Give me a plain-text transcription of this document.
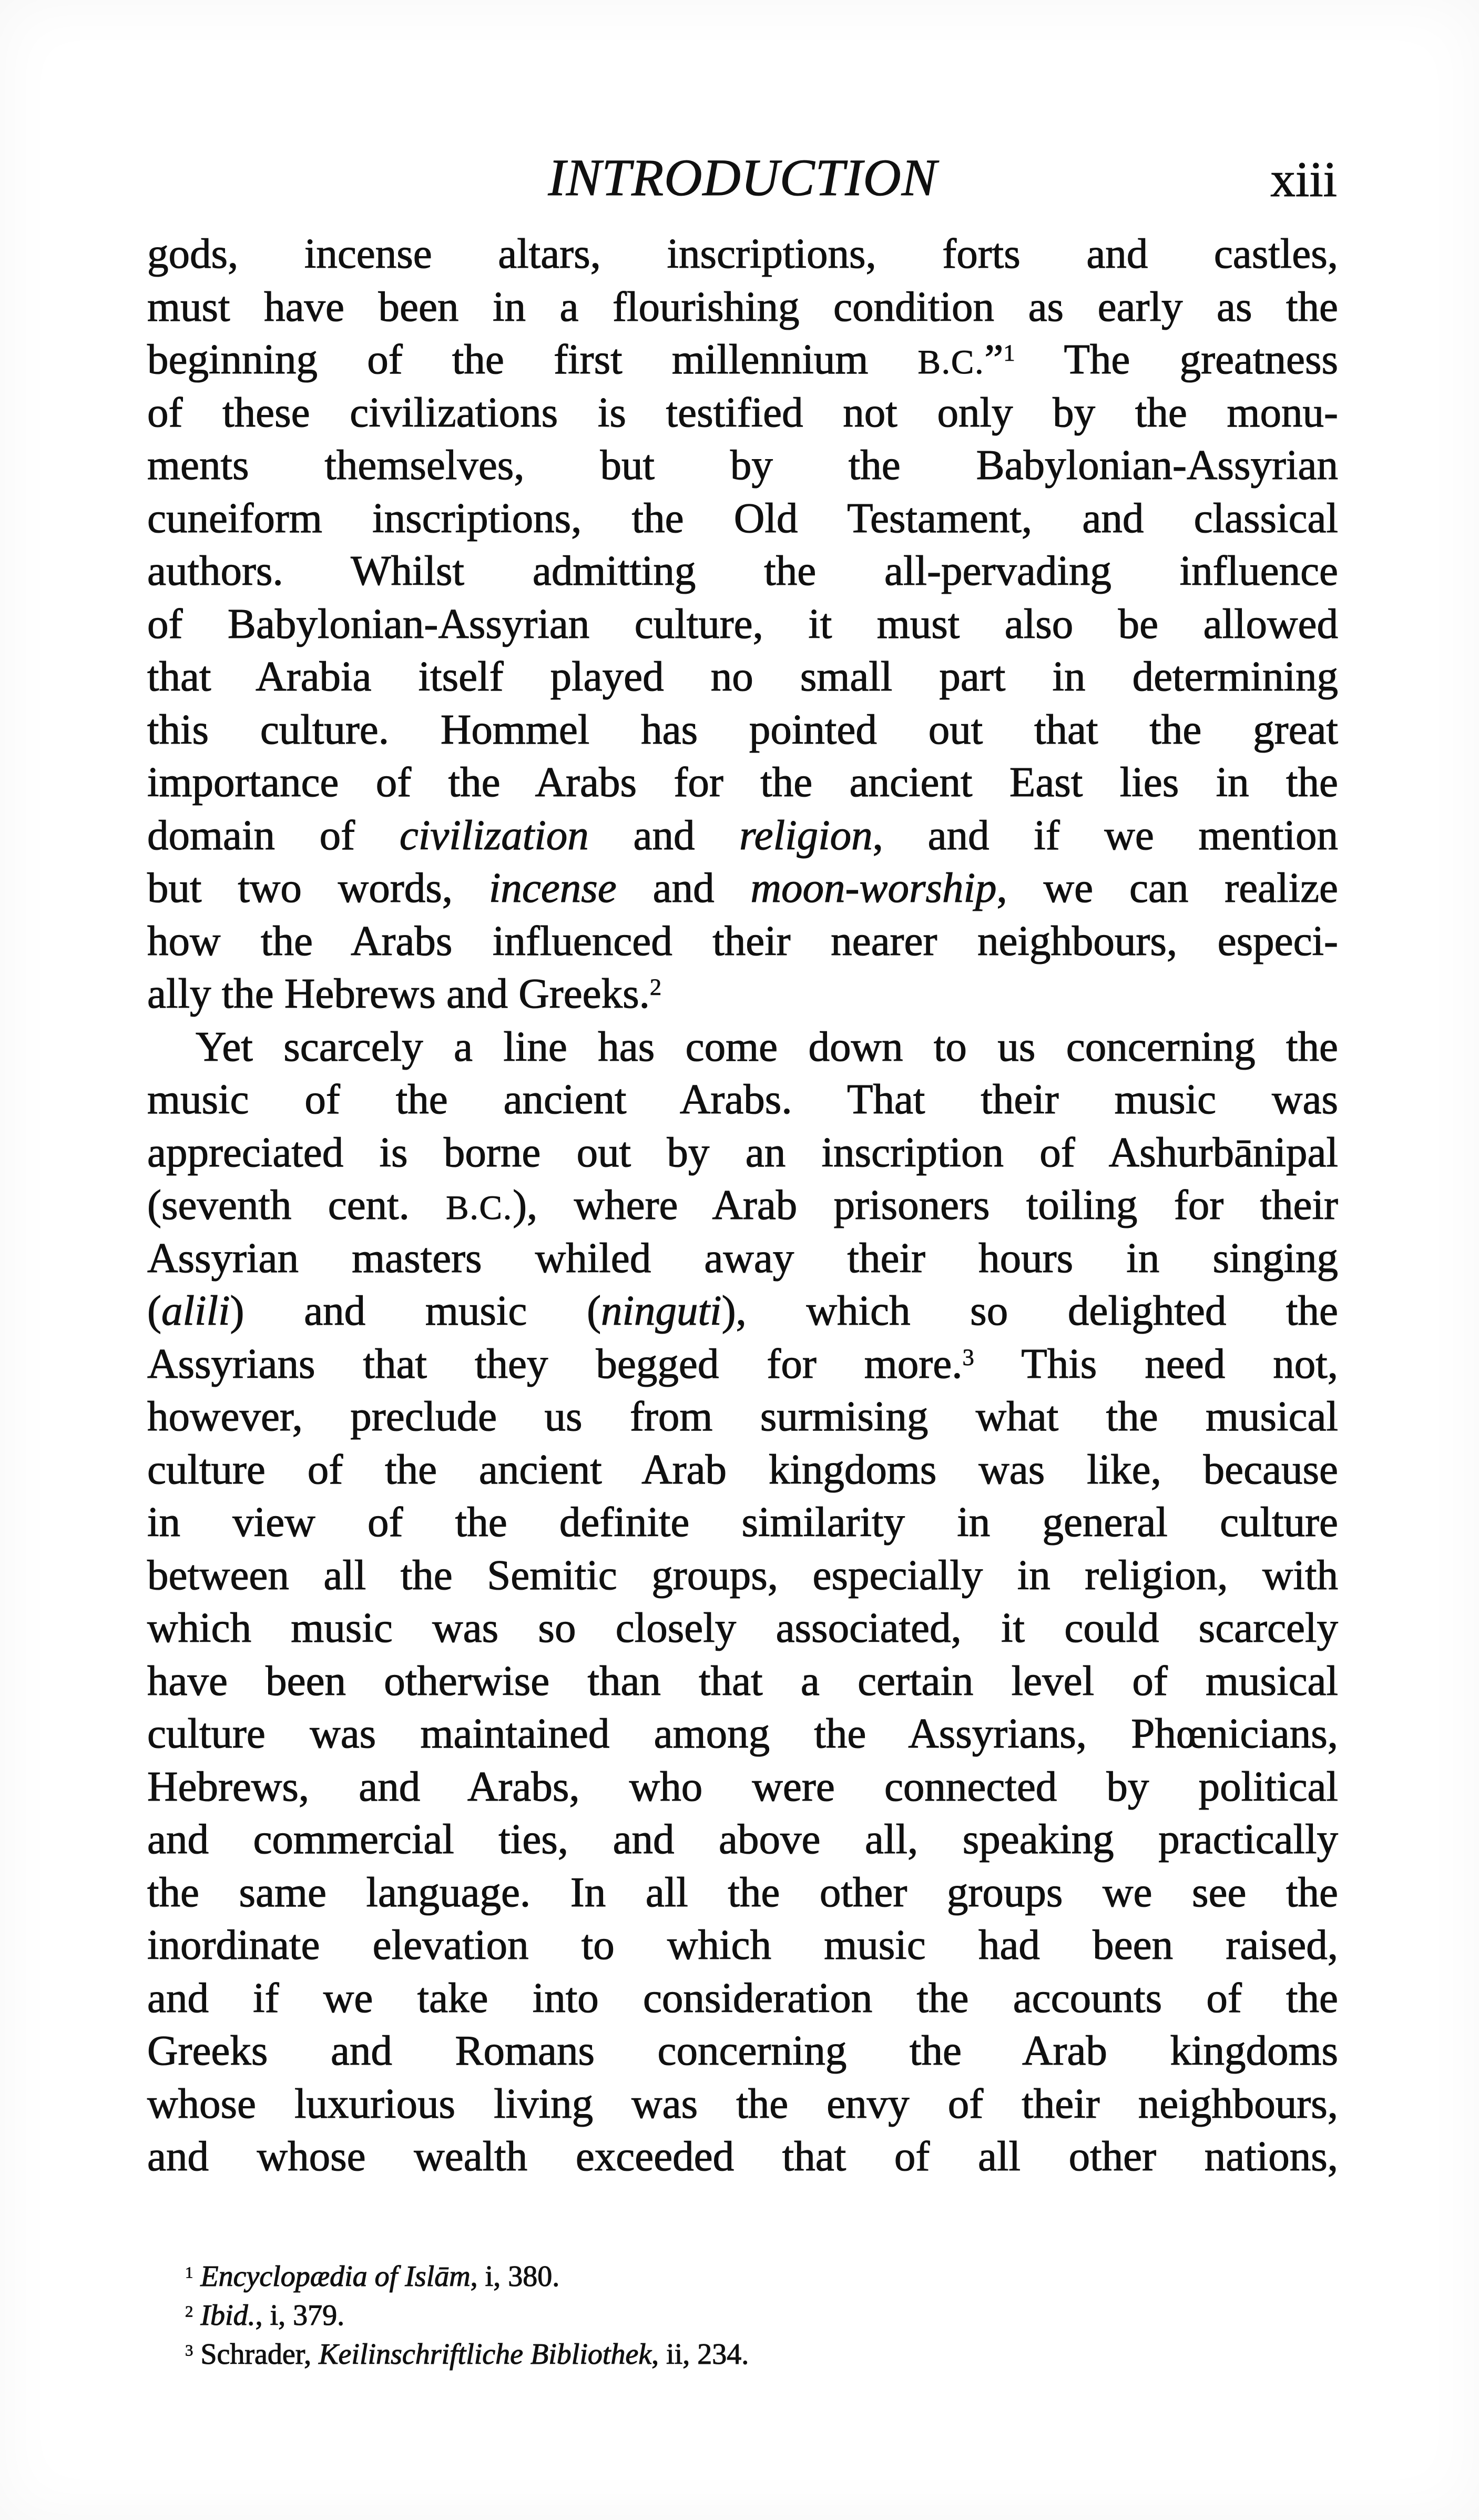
INTRODUCTION	xiii
gods, incense altars, inscriptions, forts and castles,
must have been in a flourishing condition as early as the
beginning of the first millennium B.C.”$^1$ The greatness
of these civilizations is testified not only by the monu-
ments themselves, but by the Babylonian-Assyrian
cuneiform inscriptions, the Old Testament, and classical
authors. Whilst admitting the all-pervading influence
of Babylonian-Assyrian culture, it must also be allowed
that Arabia itself played no small part in determining
this culture. Hommel has pointed out that the great
importance of the Arabs for the ancient East lies in the
domain of civilization and religion, and if we mention
but two words, incense and moon-worship, we can realize
how the Arabs influenced their nearer neighbours, especi-
ally the Hebrews and Greeks.$^2$
Yet scarcely a line has come down to us concerning the
music of the ancient Arabs. That their music was
appreciated is borne out by an inscription of Ashurbānipal
(seventh cent. B.C.), where Arab prisoners toiling for their
Assyrian masters whiled away their hours in singing
(alili) and music (ninguti), which so delighted the
Assyrians that they begged for more.$^3$ This need not,
however, preclude us from surmising what the musical
culture of the ancient Arab kingdoms was like, because
in view of the definite similarity in general culture
between all the Semitic groups, especially in religion, with
which music was so closely associated, it could scarcely
have been otherwise than that a certain level of musical
culture was maintained among the Assyrians, Phœnicians,
Hebrews, and Arabs, who were connected by political
and commercial ties, and above all, speaking practically
the same language. In all the other groups we see the
inordinate elevation to which music had been raised,
and if we take into consideration the accounts of the
Greeks and Romans concerning the Arab kingdoms
whose luxurious living was the envy of their neighbours,
and whose wealth exceeded that of all other nations,
$^1$ Encyclopædia of Islām, i, 380.
$^2$ Ibid., i, 379.
$^3$ Schrader, Keilinschriftliche Bibliothek, ii, 234.
